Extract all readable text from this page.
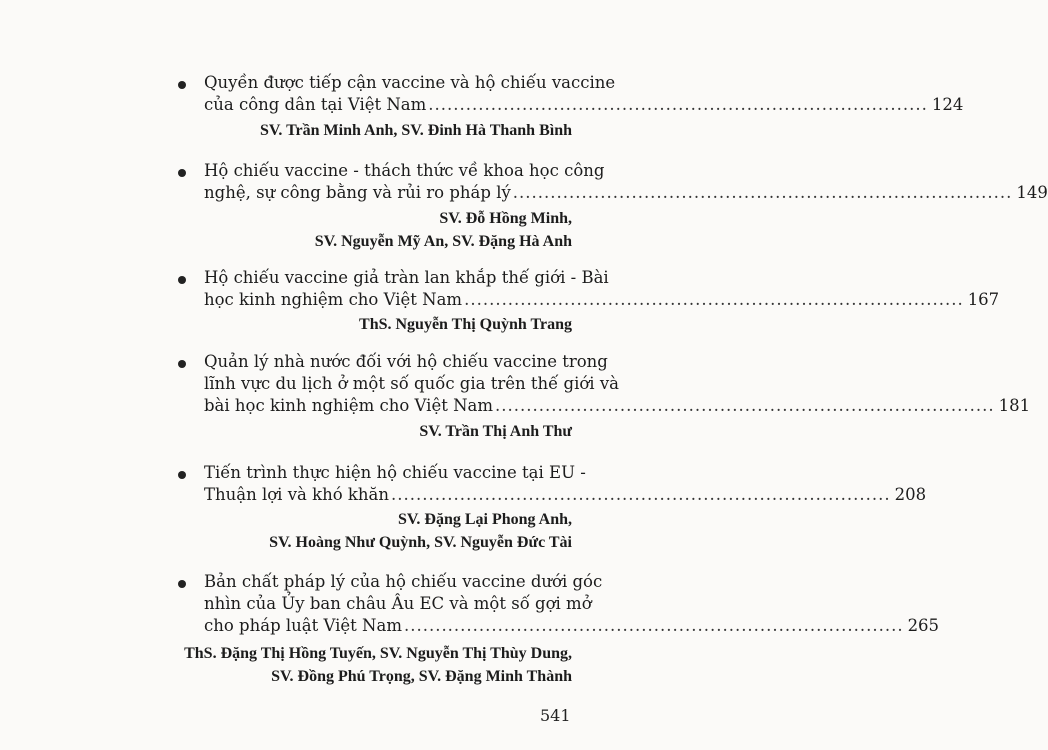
Quyền được tiếp cận vaccine và hộ chiếu vaccine
của công dân tại Việt Nam ................................................................................ 124
SV. Trần Minh Anh, SV. Đinh Hà Thanh Bình
Hộ chiếu vaccine - thách thức về khoa học công
nghệ, sự công bằng và rủi ro pháp lý ................................................................................ 149
SV. Đỗ Hồng Minh,
SV. Nguyễn Mỹ An, SV. Đặng Hà Anh
Hộ chiếu vaccine giả tràn lan khắp thế giới - Bài
học kinh nghiệm cho Việt Nam ................................................................................ 167
ThS. Nguyễn Thị Quỳnh Trang
Quản lý nhà nước đối với hộ chiếu vaccine trong
lĩnh vực du lịch ở một số quốc gia trên thế giới và
bài học kinh nghiệm cho Việt Nam ................................................................................ 181
SV. Trần Thị Anh Thư
Tiến trình thực hiện hộ chiếu vaccine tại EU -
Thuận lợi và khó khăn ................................................................................ 208
SV. Đặng Lại Phong Anh,
SV. Hoàng Như Quỳnh, SV. Nguyễn Đức Tài
Bản chất pháp lý của hộ chiếu vaccine dưới góc
nhìn của Ủy ban châu Âu EC và một số gợi mở
cho pháp luật Việt Nam ................................................................................ 265
ThS. Đặng Thị Hồng Tuyến, SV. Nguyễn Thị Thùy Dung,
SV. Đồng Phú Trọng, SV. Đặng Minh Thành
541
